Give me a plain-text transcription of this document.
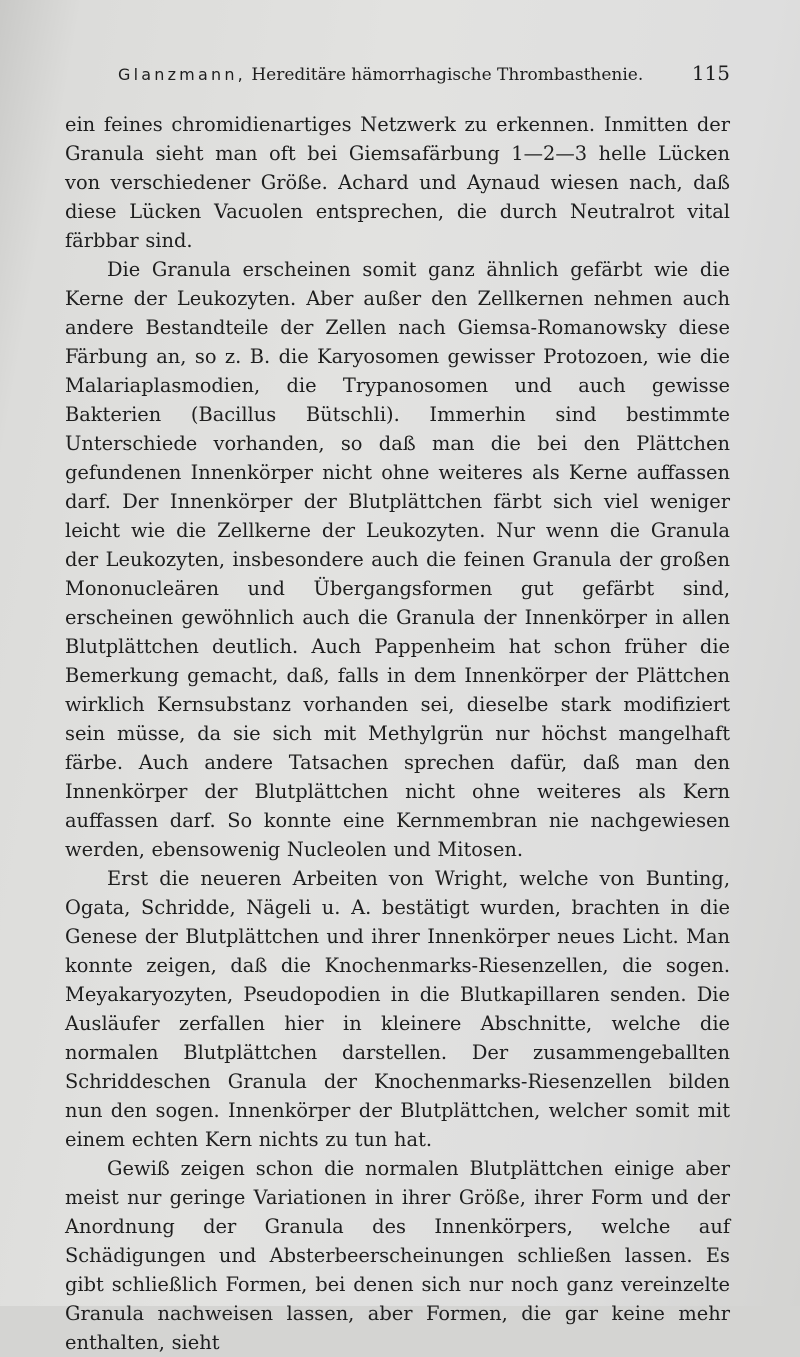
Glanzmann, Hereditäre hämorrhagische Thrombasthenie.	115

ein feines chromidienartiges Netzwerk zu erkennen. Inmitten der Granula sieht man oft bei Giemsafärbung 1—2—3 helle Lücken von verschiedener Größe. Achard und Aynaud wiesen nach, daß diese Lücken Vacuolen entsprechen, die durch Neutralrot vital färbbar sind.

Die Granula erscheinen somit ganz ähnlich gefärbt wie die Kerne der Leukozyten. Aber außer den Zellkernen nehmen auch andere Bestandteile der Zellen nach Giemsa-Romanowsky diese Färbung an, so z. B. die Karyosomen gewisser Protozoen, wie die Malariaplasmodien, die Trypanosomen und auch gewisse Bakterien (Bacillus Bütschli). Immerhin sind bestimmte Unterschiede vorhanden, so daß man die bei den Plättchen gefundenen Innenkörper nicht ohne weiteres als Kerne auffassen darf. Der Innenkörper der Blutplättchen färbt sich viel weniger leicht wie die Zellkerne der Leukozyten. Nur wenn die Granula der Leukozyten, insbesondere auch die feinen Granula der großen Mononucleären und Übergangsformen gut gefärbt sind, erscheinen gewöhnlich auch die Granula der Innenkörper in allen Blutplättchen deutlich. Auch Pappenheim hat schon früher die Bemerkung gemacht, daß, falls in dem Innenkörper der Plättchen wirklich Kernsubstanz vorhanden sei, dieselbe stark modifiziert sein müsse, da sie sich mit Methylgrün nur höchst mangelhaft färbe. Auch andere Tatsachen sprechen dafür, daß man den Innenkörper der Blutplättchen nicht ohne weiteres als Kern auffassen darf. So konnte eine Kernmembran nie nachgewiesen werden, ebensowenig Nucleolen und Mitosen.

Erst die neueren Arbeiten von Wright, welche von Bunting, Ogata, Schridde, Nägeli u. A. bestätigt wurden, brachten in die Genese der Blutplättchen und ihrer Innenkörper neues Licht. Man konnte zeigen, daß die Knochenmarks-Riesenzellen, die sogen. Meyakaryozyten, Pseudopodien in die Blutkapillaren senden. Die Ausläufer zerfallen hier in kleinere Abschnitte, welche die normalen Blutplättchen darstellen. Der zusammengeballten Schriddeschen Granula der Knochenmarks-Riesenzellen bilden nun den sogen. Innenkörper der Blutplättchen, welcher somit mit einem echten Kern nichts zu tun hat.

Gewiß zeigen schon die normalen Blutplättchen einige aber meist nur geringe Variationen in ihrer Größe, ihrer Form und der Anordnung der Granula des Innenkörpers, welche auf Schädigungen und Absterbeerscheinungen schließen lassen. Es gibt schließlich Formen, bei denen sich nur noch ganz vereinzelte Granula nachweisen lassen, aber Formen, die gar keine mehr enthalten, sieht
